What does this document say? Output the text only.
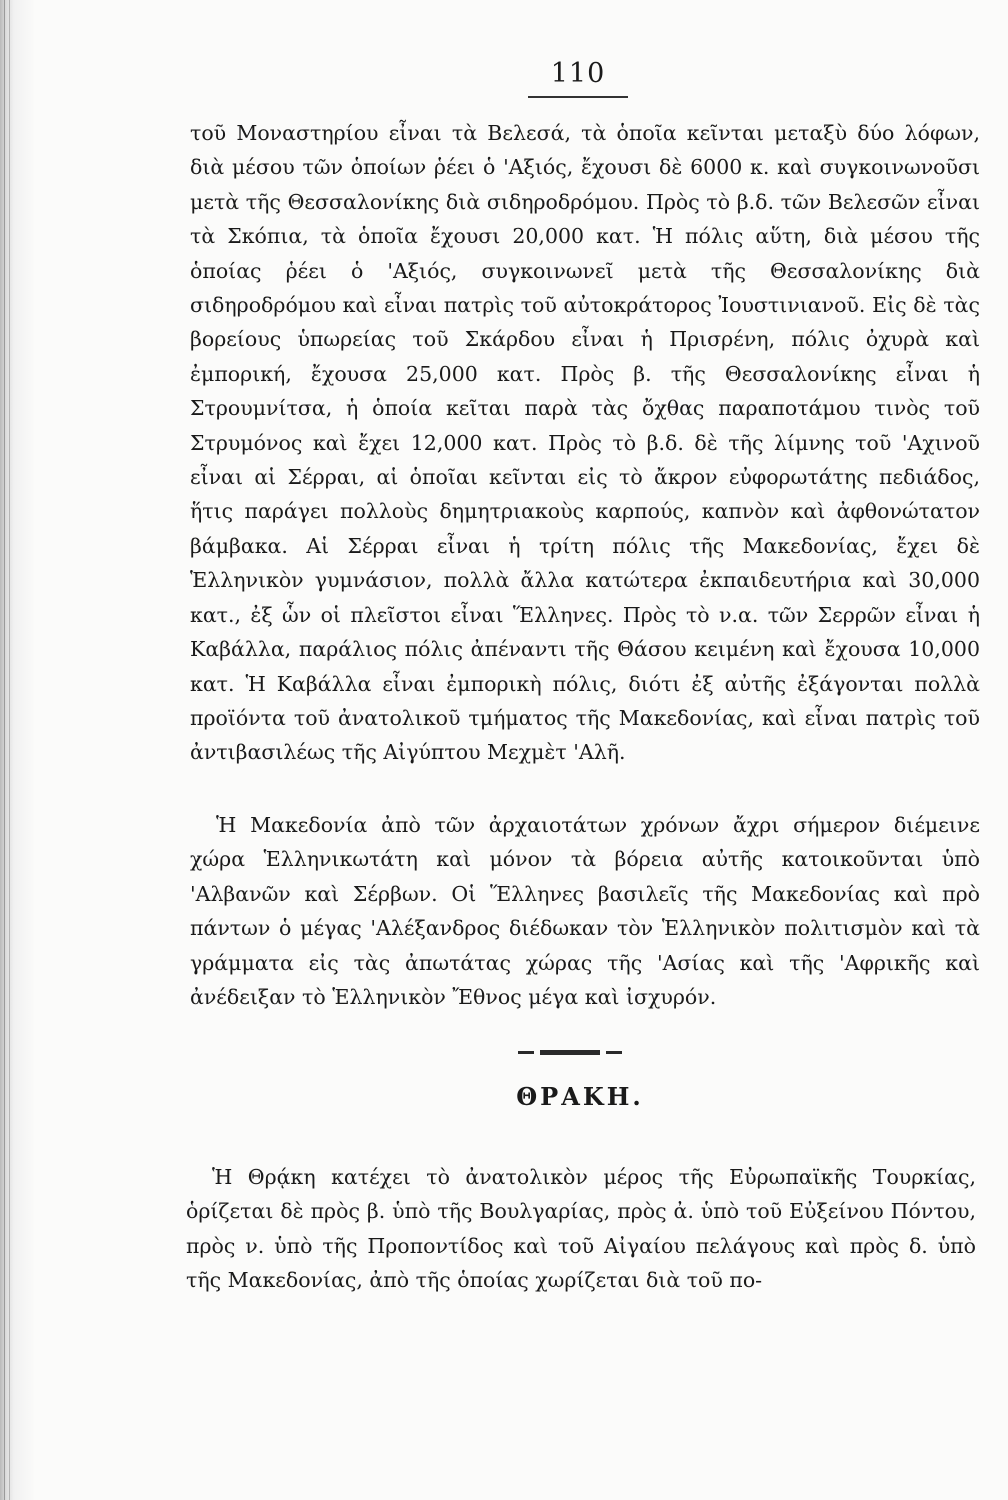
110

τοῦ Μοναστηρίου εἶναι τὰ Βελεσά, τὰ ὁποῖα κεῖνται μεταξὺ δύο λόφων, διὰ μέσου τῶν ὁποίων ῥέει ὁ 'Αξιός, ἔχουσι δὲ 6000 κ. καὶ συγκοινωνοῦσι μετὰ τῆς Θεσσαλονίκης διὰ σιδηροδρόμου. Πρὸς τὸ β.δ. τῶν Βελεσῶν εἶναι τὰ Σκόπια, τὰ ὁποῖα ἔχουσι 20,000 κατ. Ἡ πόλις αὕτη, διὰ μέσου τῆς ὁποίας ῥέει ὁ 'Αξιός, συγκοινωνεῖ μετὰ τῆς Θεσσαλονίκης διὰ σιδηροδρόμου καὶ εἶναι πατρὶς τοῦ αὐτοκράτορος Ἰουστινιανοῦ. Εἰς δὲ τὰς βορείους ὑπωρείας τοῦ Σκάρδου εἶναι ἡ Πρισρένη, πόλις ὀχυρὰ καὶ ἐμπορική, ἔχουσα 25,000 κατ. Πρὸς β. τῆς Θεσσαλονίκης εἶναι ἡ Στρουμνίτσα, ἡ ὁποία κεῖται παρὰ τὰς ὄχθας παραποτάμου τινὸς τοῦ Στρυμόνος καὶ ἔχει 12,000 κατ. Πρὸς τὸ β.δ. δὲ τῆς λίμνης τοῦ 'Αχινοῦ εἶναι αἱ Σέρραι, αἱ ὁποῖαι κεῖνται εἰς τὸ ἄκρον εὐφορωτάτης πεδιάδος, ἥτις παράγει πολλοὺς δημητριακοὺς καρπούς, καπνὸν καὶ ἀφθονώτατον βάμβακα. Αἱ Σέρραι εἶναι ἡ τρίτη πόλις τῆς Μακεδονίας, ἔχει δὲ Ἑλληνικὸν γυμνάσιον, πολλὰ ἄλλα κατώτερα ἐκπαιδευτήρια καὶ 30,000 κατ., ἐξ ὧν οἱ πλεῖστοι εἶναι Ἕλληνες. Πρὸς τὸ ν.α. τῶν Σερρῶν εἶναι ἡ Καβάλλα, παράλιος πόλις ἀπέναντι τῆς Θάσου κειμένη καὶ ἔχουσα 10,000 κατ. Ἡ Καβάλλα εἶναι ἐμπορικὴ πόλις, διότι ἐξ αὐτῆς ἐξάγονται πολλὰ προϊόντα τοῦ ἀνατολικοῦ τμήματος τῆς Μακεδονίας, καὶ εἶναι πατρὶς τοῦ ἀντιβασιλέως τῆς Αἰγύπτου Μεχμὲτ 'Αλῆ.

Ἡ Μακεδονία ἀπὸ τῶν ἀρχαιοτάτων χρόνων ἄχρι σήμερον διέμεινε χώρα Ἑλληνικωτάτη καὶ μόνον τὰ βόρεια αὐτῆς κατοικοῦνται ὑπὸ 'Αλβανῶν καὶ Σέρβων. Οἱ Ἕλληνες βασιλεῖς τῆς Μακεδονίας καὶ πρὸ πάντων ὁ μέγας 'Αλέξανδρος διέδωκαν τὸν Ἑλληνικὸν πολιτισμὸν καὶ τὰ γράμματα εἰς τὰς ἀπωτάτας χώρας τῆς 'Ασίας καὶ τῆς 'Αφρικῆς καὶ ἀνέδειξαν τὸ Ἑλληνικὸν Ἔθνος μέγα καὶ ἰσχυρόν.

ΘΡΑΚΗ.

Ἡ Θρᾴκη κατέχει τὸ ἀνατολικὸν μέρος τῆς Εὐρωπαϊκῆς Τουρκίας, ὁρίζεται δὲ πρὸς β. ὑπὸ τῆς Βουλγαρίας, πρὸς ἀ. ὑπὸ τοῦ Εὐξείνου Πόντου, πρὸς ν. ὑπὸ τῆς Προποντίδος καὶ τοῦ Αἰγαίου πελάγους καὶ πρὸς δ. ὑπὸ τῆς Μακεδονίας, ἀπὸ τῆς ὁποίας χωρίζεται διὰ τοῦ πο-
